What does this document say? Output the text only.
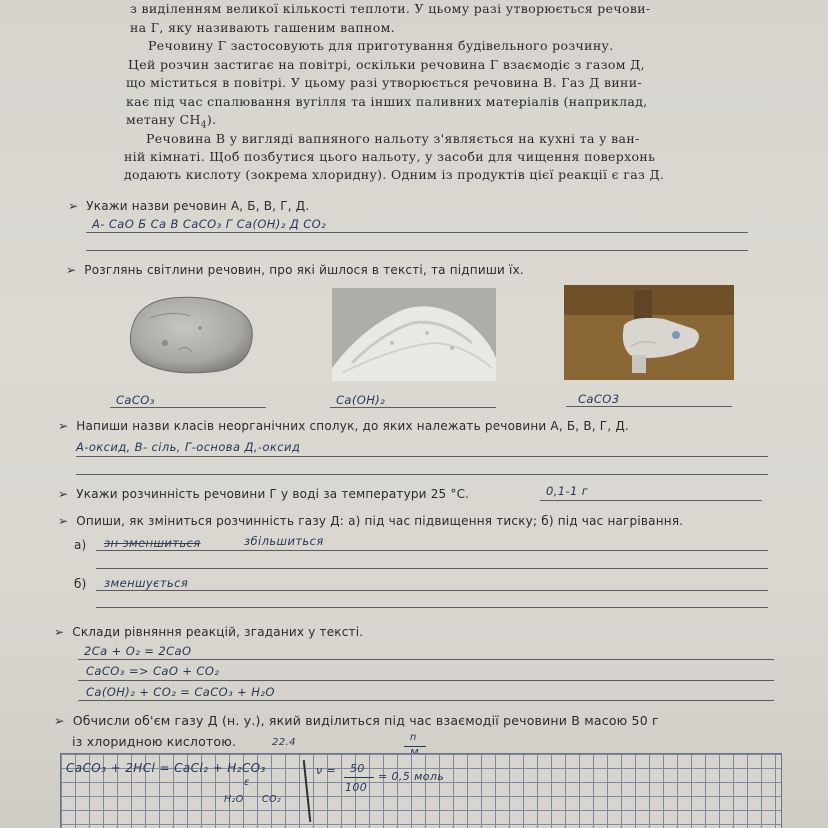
з виділенням великої кількості теплоти. У цьому разі утворюється речови-
на Г, яку називають гашеним вапном.
Речовину Г застосовують для приготування будівельного розчину.
Цей розчин застигає на повітрі, оскільки речовина Г взаємодіє з газом Д,
що міститься в повітрі. У цьому разі утворюється речовина В. Газ Д вини-
кає під час спалювання вугілля та інших паливних матеріалів (наприклад,
метану $CH_4$).
Речовина В у вигляді вапняного нальоту з'являється на кухні та у ван-
ній кімнаті. Щоб позбутися цього нальоту, у засоби для чищення поверхонь
додають кислоту (зокрема хлоридну). Одним із продуктів цієї реакції є газ Д.
➢ Укажи назви речовин А, Б, В, Г, Д.
А- CaO Б Ca В CaCO₃ Г Ca(OH)₂ Д CO₂
➢ Розглянь світлини речовин, про які йшлося в тексті, та підпиши їх.
CaCO₃	Ca(OH)₂	CaCO3
➢ Напиши назви класів неорганічних сполук, до яких належать речовини А, Б, В, Г, Д.
А-оксид, В- сіль, Г-основа Д,-оксид
➢ Укажи розчинність речовини Г у воді за температури 25 °С.	0,1-1 г
➢ Опиши, як зміниться розчинність газу Д: а) під час підвищення тиску; б) під час нагрівання.
а) зн зменшиться	збільшиться
б) зменшується
➢ Склади рівняння реакцій, згаданих у тексті.
2Ca + O₂ = 2CaO
CaCO₃ => CaO + CO₂
Ca(OH)₂ + CO₂ = CaCO₃ + H₂O
➢ Обчисли об'єм газу Д (н. у.), який виділиться під час взаємодії речовини В масою 50 г
із хлоридною кислотою.	22.4	n
CaCO₃ + 2HCl = CaCl₂ + H₂CO₃
ε
H₂O CO₂
ν = 50
100
= 0,5 моль
